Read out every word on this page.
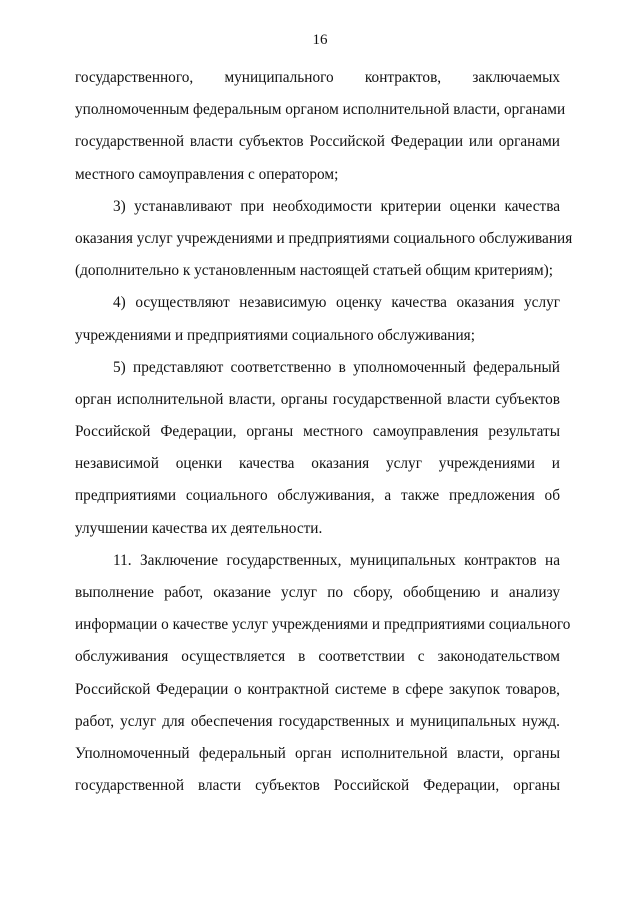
16
государственного, муниципального контрактов, заключаемых
уполномоченным федеральным органом исполнительной власти, органами
государственной власти субъектов Российской Федерации или органами
местного самоуправления с оператором;
3) устанавливают при необходимости критерии оценки качества
оказания услуг учреждениями и предприятиями социального обслуживания
(дополнительно к установленным настоящей статьей общим критериям);
4) осуществляют независимую оценку качества оказания услуг
учреждениями и предприятиями социального обслуживания;
5) представляют соответственно в уполномоченный федеральный
орган исполнительной власти, органы государственной власти субъектов
Российской Федерации, органы местного самоуправления результаты
независимой оценки качества оказания услуг учреждениями и
предприятиями социального обслуживания, а также предложения об
улучшении качества их деятельности.
11. Заключение государственных, муниципальных контрактов на
выполнение работ, оказание услуг по сбору, обобщению и анализу
информации о качестве услуг учреждениями и предприятиями социального
обслуживания осуществляется в соответствии с законодательством
Российской Федерации о контрактной системе в сфере закупок товаров,
работ, услуг для обеспечения государственных и муниципальных нужд.
Уполномоченный федеральный орган исполнительной власти, органы
государственной власти субъектов Российской Федерации, органы
